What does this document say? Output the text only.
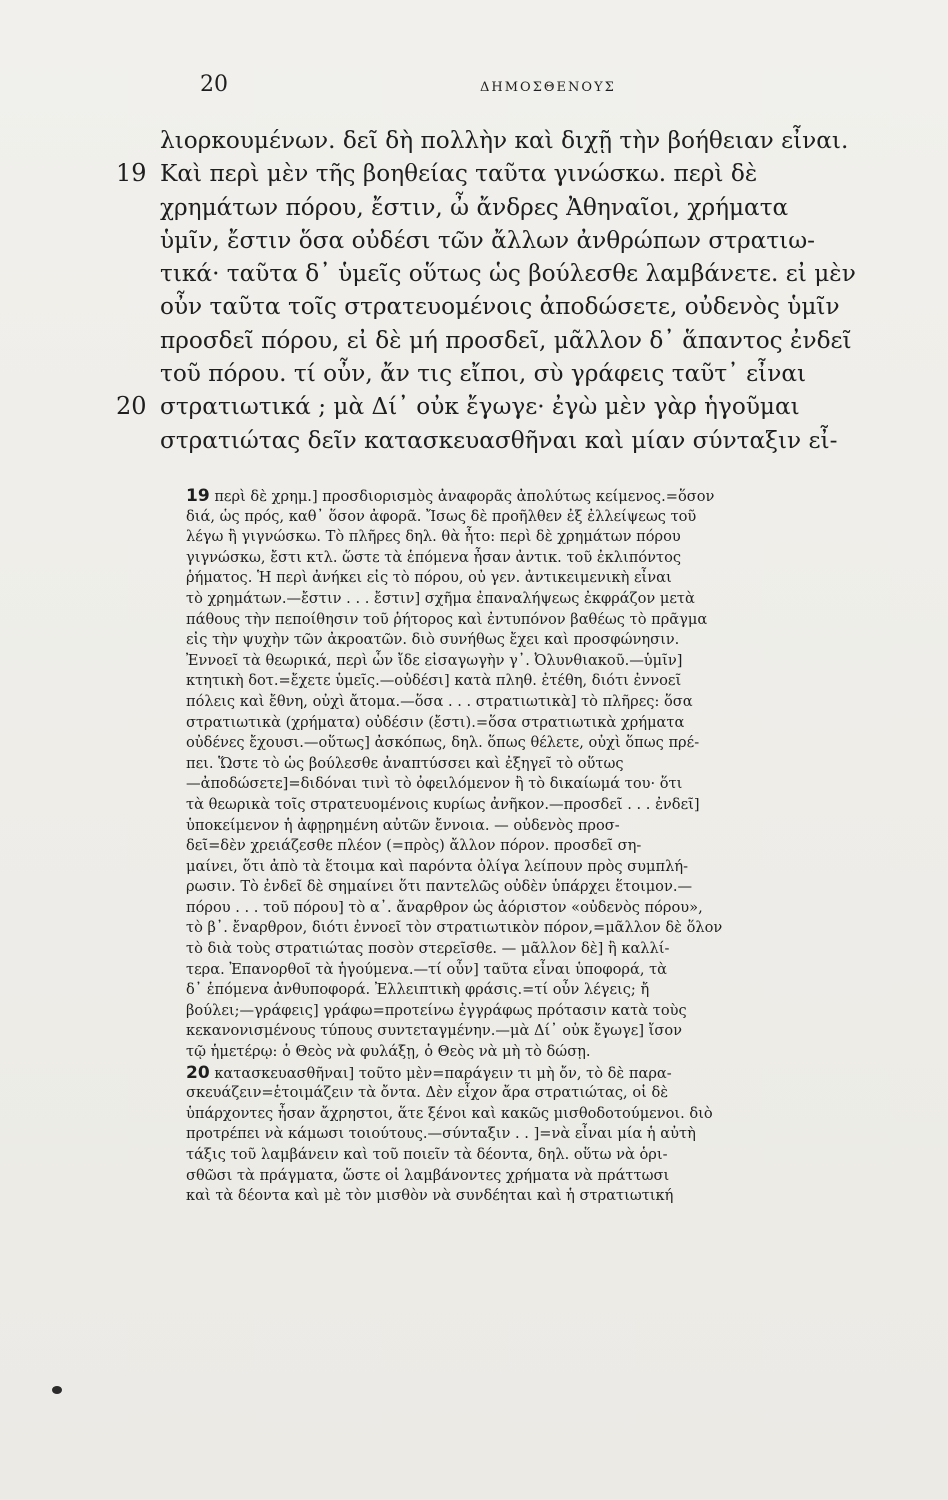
20	ΔΗΜΟΣΘΕΝΟΥΣ
λιορκουμένων. δεῖ δὴ πολλὴν καὶ διχῇ τὴν βοήθειαν εἶναι.
19 Καὶ περὶ μὲν τῆς βοηθείας ταῦτα γινώσκω. περὶ δὲ
χρημάτων πόρου, ἔστιν, ὦ ἄνδρες Ἀθηναῖοι, χρήματα
ὑμῖν, ἔστιν ὅσα οὐδέσι τῶν ἄλλων ἀνθρώπων στρατιω-
τικά· ταῦτα δ᾿ ὑμεῖς οὕτως ὡς βούλεσθε λαμβάνετε. εἰ μὲν
οὖν ταῦτα τοῖς στρατευομένοις ἀποδώσετε, οὐδενὸς ὑμῖν
προσδεῖ πόρου, εἰ δὲ μή προσδεῖ, μᾶλλον δ᾿ ἅπαντος ἐνδεῖ
τοῦ πόρου. τί οὖν, ἄν τις εἴποι, σὺ γράφεις ταῦτ᾿ εἶναι
20 στρατιωτικά ; μὰ Δί᾿ οὐκ ἔγωγε· ἐγὼ μὲν γὰρ ἡγοῦμαι
στρατιώτας δεῖν κατασκευασθῆναι καὶ μίαν σύνταξιν εἶ-
19 περὶ δὲ χρημ.] προσδιορισμὸς ἀναφορᾶς ἀπολύτως κείμενος.=ὅσον
διά, ὡς πρός, καθ᾿ ὅσον ἀφορᾶ. Ἴσως δὲ προῆλθεν ἐξ ἐλλείψεως τοῦ
λέγω ἢ γιγνώσκω. Τὸ πλῆρες δηλ. θὰ ἦτο: περὶ δὲ χρημάτων πόρου
γιγνώσκω, ἔστι κτλ. ὥστε τὰ ἑπόμενα ἦσαν ἀντικ. τοῦ ἐκλιπόντος
ῥήματος. Ἡ περὶ ἀνήκει εἰς τὸ πόρου, οὐ γεν. ἀντικειμενικὴ εἶναι
τὸ χρημάτων.—ἔστιν . . . ἔστιν] σχῆμα ἐπαναλήψεως ἐκφράζον μετὰ
πάθους τὴν πεποίθησιν τοῦ ῥήτορος καὶ ἐντυπόνον βαθέως τὸ πρᾶγμα
εἰς τὴν ψυχὴν τῶν ἀκροατῶν. διὸ συνήθως ἔχει καὶ προσφώνησιν.
Ἐννοεῖ τὰ θεωρικά, περὶ ὧν ἴδε εἰσαγωγὴν γ᾿. Ὀλυνθιακοῦ.—ὑμῖν]
κτητικὴ δοτ.=ἔχετε ὑμεῖς.—οὐδέσι] κατὰ πληθ. ἐτέθη, διότι ἐννοεῖ
πόλεις καὶ ἔθνη, οὐχὶ ἄτομα.—ὅσα . . . στρατιωτικὰ] τὸ πλῆρες: ὅσα
στρατιωτικὰ (χρήματα) οὐδέσιν (ἔστι).=ὅσα στρατιωτικὰ χρήματα
οὐδένες ἔχουσι.—οὕτως] ἀσκόπως, δηλ. ὅπως θέλετε, οὐχὶ ὅπως πρέ-
πει. Ὥστε τὸ ὡς βούλεσθε ἀναπτύσσει καὶ ἐξηγεῖ τὸ οὕτως
—ἀποδώσετε]=διδόναι τινὶ τὸ ὀφειλόμενον ἢ τὸ δικαίωμά του· ὅτι
τὰ θεωρικὰ τοῖς στρατευομένοις κυρίως ἀνῆκον.—προσδεῖ . . . ἐνδεῖ]
ὑποκείμενον ἡ ἀφῃρημένη αὐτῶν ἔννοια. — οὐδενὸς προσ-
δεῖ=δὲν χρειάζεσθε πλέον (=πρὸς) ἄλλον πόρον. προσδεῖ ση-
μαίνει, ὅτι ἀπὸ τὰ ἕτοιμα καὶ παρόντα ὀλίγα λείπουν πρὸς συμπλή-
ρωσιν. Τὸ ἐνδεῖ δὲ σημαίνει ὅτι παντελῶς οὐδὲν ὑπάρχει ἕτοιμον.—
πόρου . . . τοῦ πόρου] τὸ α᾿. ἄναρθρον ὡς ἀόριστον «οὐδενὸς πόρου»,
τὸ β᾿. ἔναρθρον, διότι ἐννοεῖ τὸν στρατιωτικὸν πόρον,=μᾶλλον δὲ ὅλον
τὸ διὰ τοὺς στρατιώτας ποσὸν στερεῖσθε. — μᾶλλον δὲ] ἢ καλλί-
τερα. Ἐπανορθοῖ τὰ ἡγούμενα.—τί οὖν] ταῦτα εἶναι ὑποφορά, τὰ
δ᾿ ἑπόμενα ἀνθυποφορά. Ἐλλειπτικὴ φράσις.=τί οὖν λέγεις; ἤ
βούλει;—γράφεις] γράφω=προτείνω ἐγγράφως πρότασιν κατὰ τοὺς
κεκανονισμένους τύπους συντεταγμένην.—μὰ Δί᾿ οὐκ ἔγωγε] ἴσον
τῷ ἡμετέρῳ: ὁ Θεὸς νὰ φυλάξῃ, ὁ Θεὸς νὰ μὴ τὸ δώσῃ.
20 κατασκευασθῆναι] τοῦτο μὲν=παράγειν τι μὴ ὄν, τὸ δὲ παρα-
σκευάζειν=ἑτοιμάζειν τὰ ὄντα. Δὲν εἶχον ἄρα στρατιώτας, οἱ δὲ
ὑπάρχοντες ἦσαν ἄχρηστοι, ἅτε ξένοι καὶ κακῶς μισθοδοτούμενοι. διὸ
προτρέπει νὰ κάμωσι τοιούτους.—σύνταξιν . . ]=νὰ εἶναι μία ἡ αὐτὴ
τάξις τοῦ λαμβάνειν καὶ τοῦ ποιεῖν τὰ δέοντα, δηλ. οὕτω νὰ ὁρι-
σθῶσι τὰ πράγματα, ὥστε οἱ λαμβάνοντες χρήματα νὰ πράττωσι
καὶ τὰ δέοντα καὶ μὲ τὸν μισθὸν νὰ συνδέηται καὶ ἡ στρατιωτική
